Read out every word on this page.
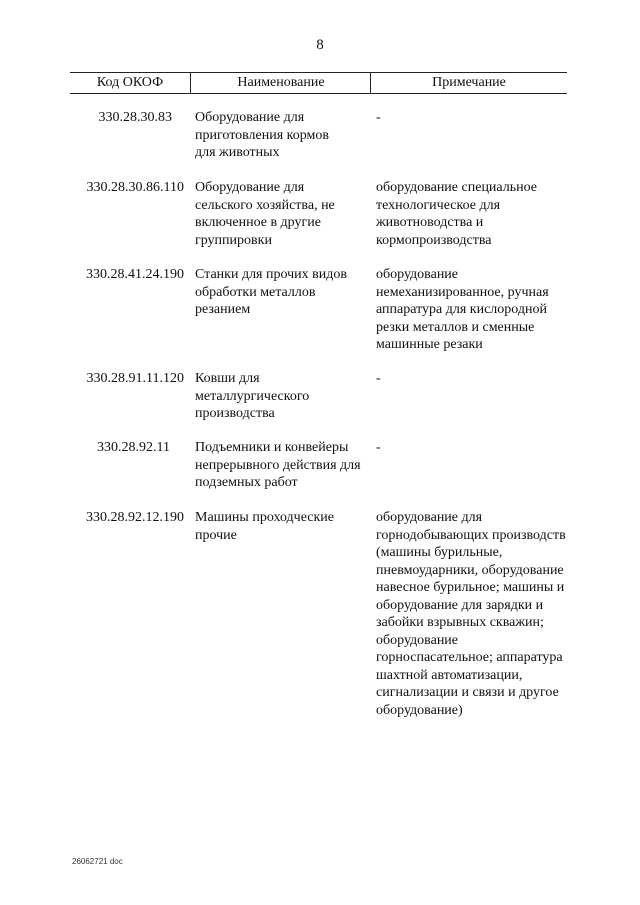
8
Код ОКОФ	Наименование	Примечание
330.28.30.83 Оборудование для приготовления кормов для животных
-
330.28.30.86.110 Оборудование для сельского хозяйства, не включенное в другие группировки
оборудование специальное технологическое для животноводства и кормопроизводства
330.28.41.24.190 Станки для прочих видов обработки металлов резанием
оборудование немеханизированное, ручная аппаратура для кислородной резки металлов и сменные машинные резаки
330.28.91.11.120 Ковши для металлургического производства
-
330.28.92.11 Подъемники и конвейеры непрерывного действия для подземных работ
-
330.28.92.12.190 Машины проходческие прочие
оборудование для горнодобывающих производств (машины бурильные, пневмоударники, оборудование навесное бурильное; машины и оборудование для зарядки и забойки взрывных скважин; оборудование горноспасательное; аппаратура шахтной автоматизации, сигнализации и связи и другое оборудование)
26062721 doc
